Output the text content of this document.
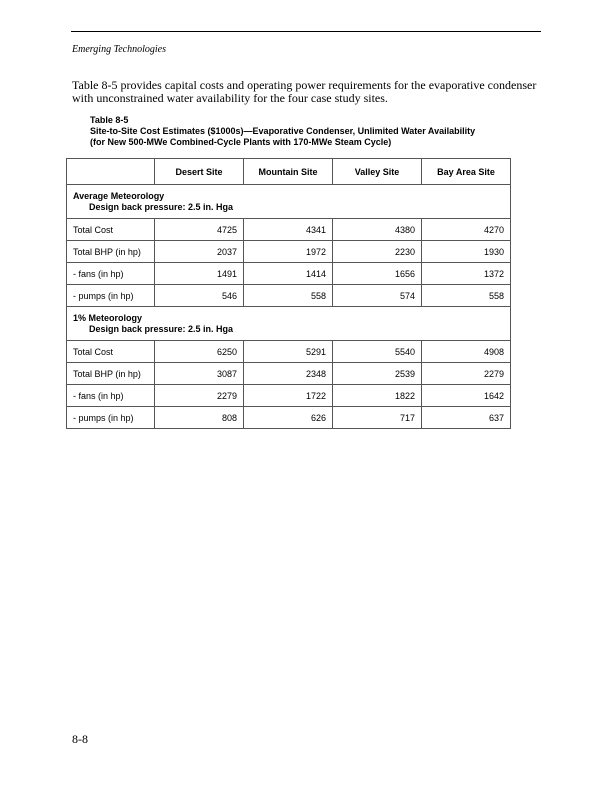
Emerging Technologies

Table 8-5 provides capital costs and operating power requirements for the evaporative condenser with unconstrained water availability for the four case study sites.

Table 8-5
Site-to-Site Cost Estimates ($1000s)—Evaporative Condenser, Unlimited Water Availability
(for New 500-MWe Combined-Cycle Plants with 170-MWe Steam Cycle)
	Desert Site	Mountain Site	Valley Site	Bay Area Site

Average Meteorology
Design back pressure: 2.5 in. Hga				

Total Cost	4725	4341	4380	4270
Total BHP (in hp)	2037	1972	2230	1930
- fans (in hp)	1491	1414	1656	1372
- pumps (in hp)	546	558	574	558

1% Meteorology
Design back pressure: 2.5 in. Hga				

Total Cost	6250	5291	5540	4908
Total BHP (in hp)	3087	2348	2539	2279
- fans (in hp)	2279	1722	1822	1642
- pumps (in hp)	808	626	717	637
8-8
